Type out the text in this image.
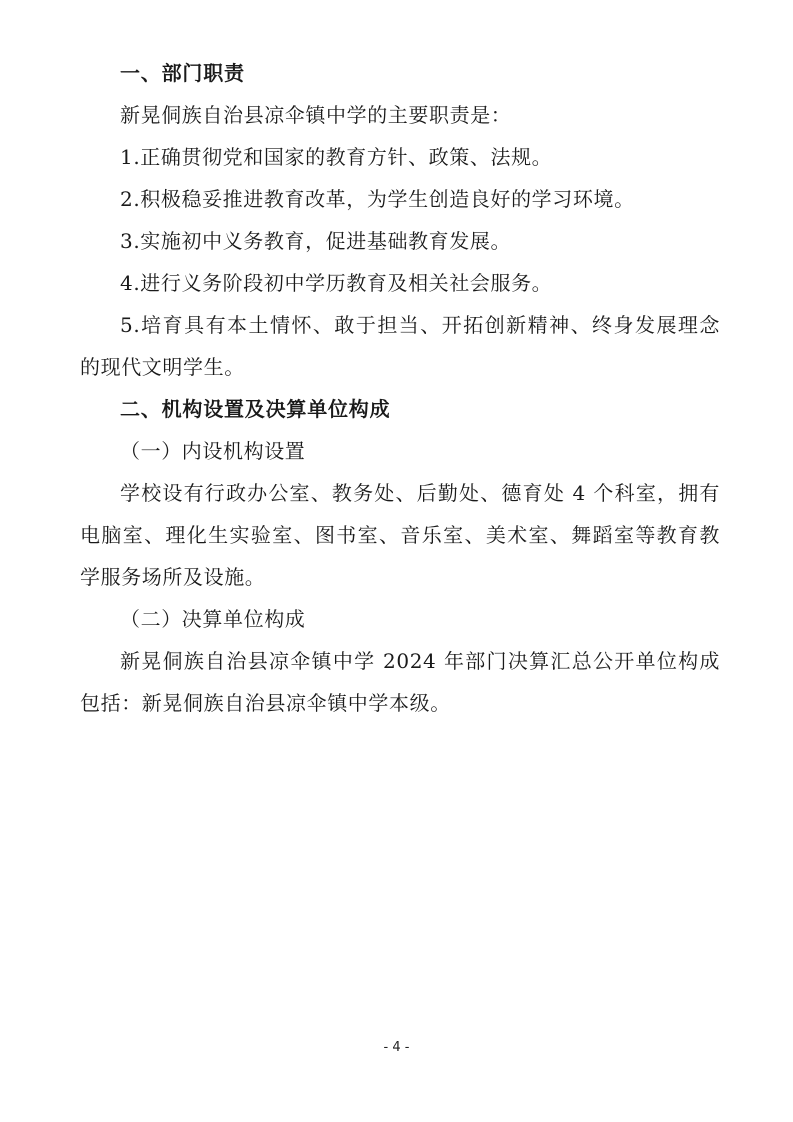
一、部门职责
新晃侗族自治县凉伞镇中学的主要职责是：
1.正确贯彻党和国家的教育方针、政策、法规。
2.积极稳妥推进教育改革，为学生创造良好的学习环境。
3.实施初中义务教育，促进基础教育发展。
4.进行义务阶段初中学历教育及相关社会服务。
5.培育具有本土情怀、敢于担当、开拓创新精神、终身发展理念
的现代文明学生。
二、机构设置及决算单位构成
（一）内设机构设置
学校设有行政办公室、教务处、后勤处、德育处 4 个科室，拥有
电脑室、理化生实验室、图书室、音乐室、美术室、舞蹈室等教育教
学服务场所及设施。
（二）决算单位构成
新晃侗族自治县凉伞镇中学 2024 年部门决算汇总公开单位构成
包括：新晃侗族自治县凉伞镇中学本级。
- 4 -
